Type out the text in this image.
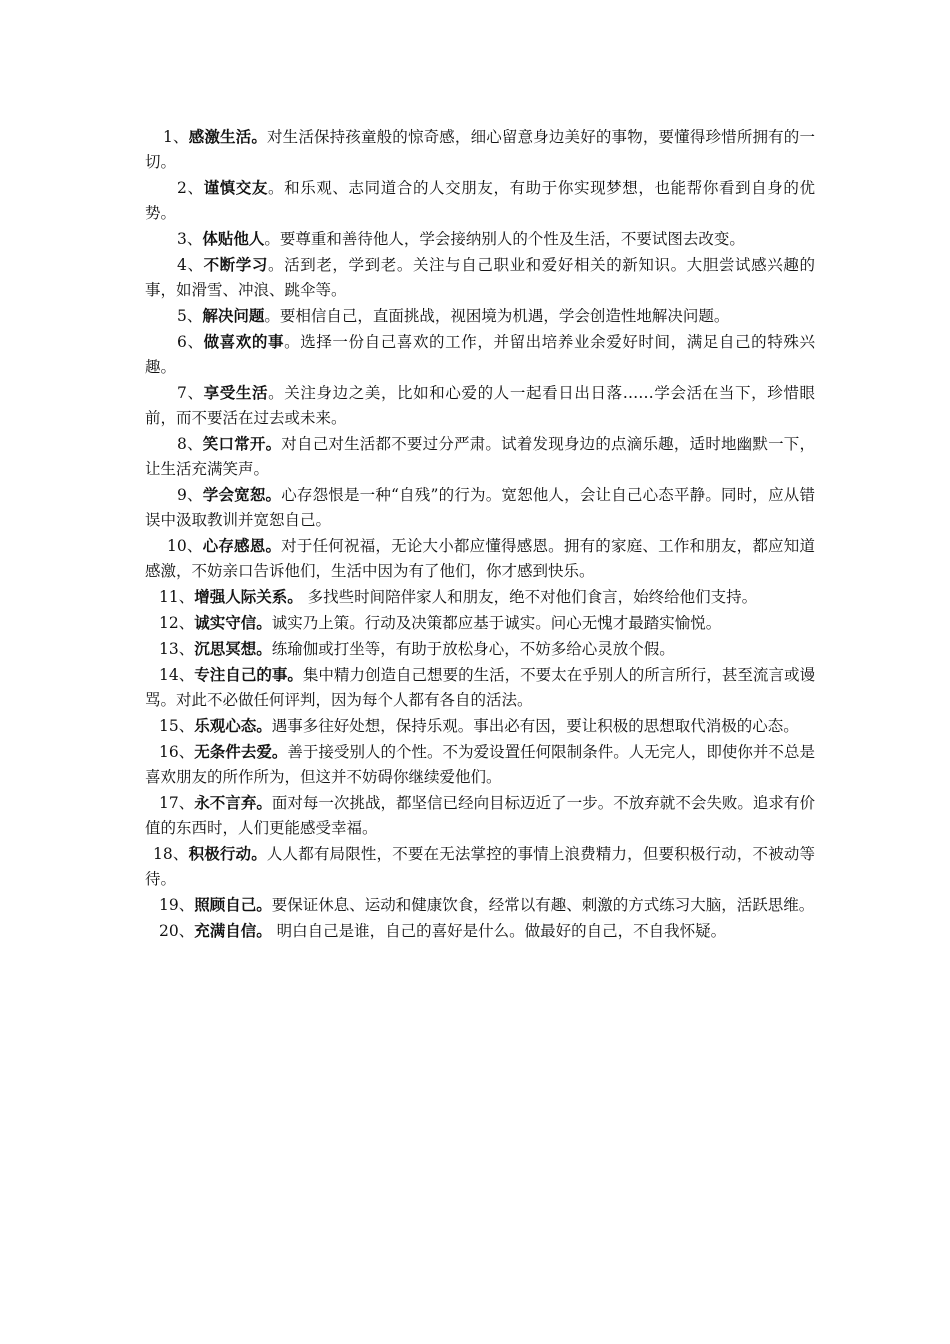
1、感激生活。对生活保持孩童般的惊奇感，细心留意身边美好的事物，要懂得珍惜所拥有的一切。

2、谨慎交友。和乐观、志同道合的人交朋友，有助于你实现梦想，也能帮你看到自身的优势。

3、体贴他人。要尊重和善待他人，学会接纳别人的个性及生活，不要试图去改变。

4、不断学习。活到老，学到老。关注与自己职业和爱好相关的新知识。大胆尝试感兴趣的事，如滑雪、冲浪、跳伞等。

5、解决问题。要相信自己，直面挑战，视困境为机遇，学会创造性地解决问题。

6、做喜欢的事。选择一份自己喜欢的工作，并留出培养业余爱好时间，满足自己的特殊兴趣。

7、享受生活。关注身边之美，比如和心爱的人一起看日出日落……学会活在当下，珍惜眼前，而不要活在过去或未来。

8、笑口常开。对自己对生活都不要过分严肃。试着发现身边的点滴乐趣，适时地幽默一下，让生活充满笑声。

9、学会宽恕。心存怨恨是一种“自残”的行为。宽恕他人，会让自己心态平静。同时，应从错误中汲取教训并宽恕自己。

10、心存感恩。对于任何祝福，无论大小都应懂得感恩。拥有的家庭、工作和朋友，都应知道感激，不妨亲口告诉他们，生活中因为有了他们，你才感到快乐。

11、增强人际关系。 多找些时间陪伴家人和朋友，绝不对他们食言，始终给他们支持。

12、诚实守信。诚实乃上策。行动及决策都应基于诚实。问心无愧才最踏实愉悦。

13、沉思冥想。练瑜伽或打坐等，有助于放松身心，不妨多给心灵放个假。

14、专注自己的事。集中精力创造自己想要的生活，不要太在乎别人的所言所行，甚至流言或谩骂。对此不必做任何评判，因为每个人都有各自的活法。

15、乐观心态。遇事多往好处想，保持乐观。事出必有因，要让积极的思想取代消极的心态。

16、无条件去爱。善于接受别人的个性。不为爱设置任何限制条件。人无完人，即使你并不总是喜欢朋友的所作所为，但这并不妨碍你继续爱他们。

17、永不言弃。面对每一次挑战，都坚信已经向目标迈近了一步。不放弃就不会失败。追求有价值的东西时，人们更能感受幸福。

18、积极行动。人人都有局限性，不要在无法掌控的事情上浪费精力，但要积极行动，不被动等待。

19、照顾自己。要保证休息、运动和健康饮食，经常以有趣、刺激的方式练习大脑，活跃思维。

20、充满自信。 明白自己是谁，自己的喜好是什么。做最好的自己，不自我怀疑。
